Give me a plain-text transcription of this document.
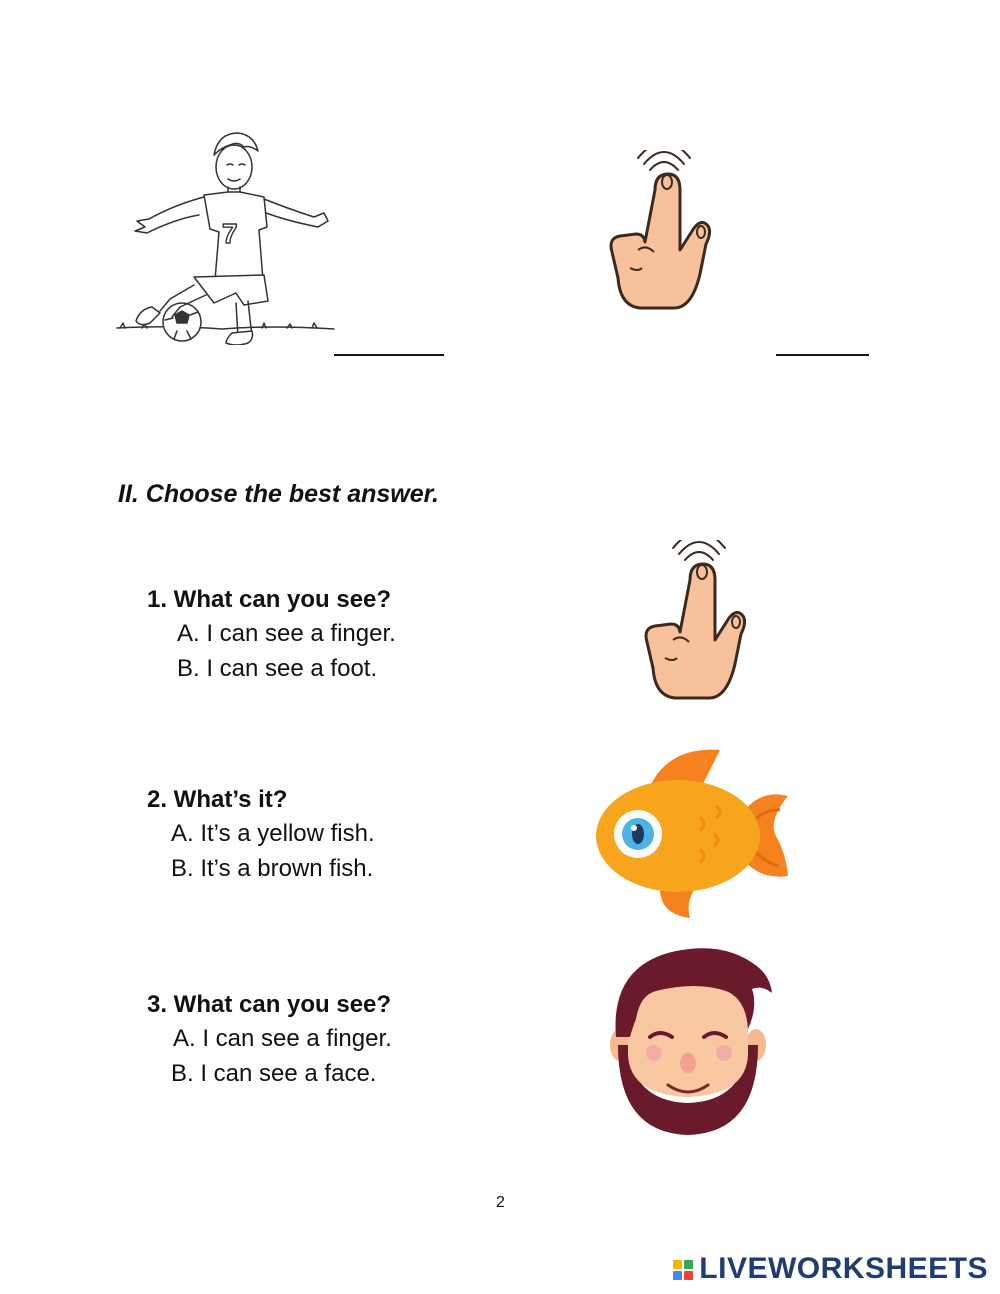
7
II. Choose the best answer.
1. What can you see?
A. I can see a finger.
B. I can see a foot.
2. What’s it?
A. It’s a yellow fish.
B. It’s a brown fish.
3. What can you see?
A. I can see a finger.
B. I can see a face.
2
LIVEWORKSHEETS
